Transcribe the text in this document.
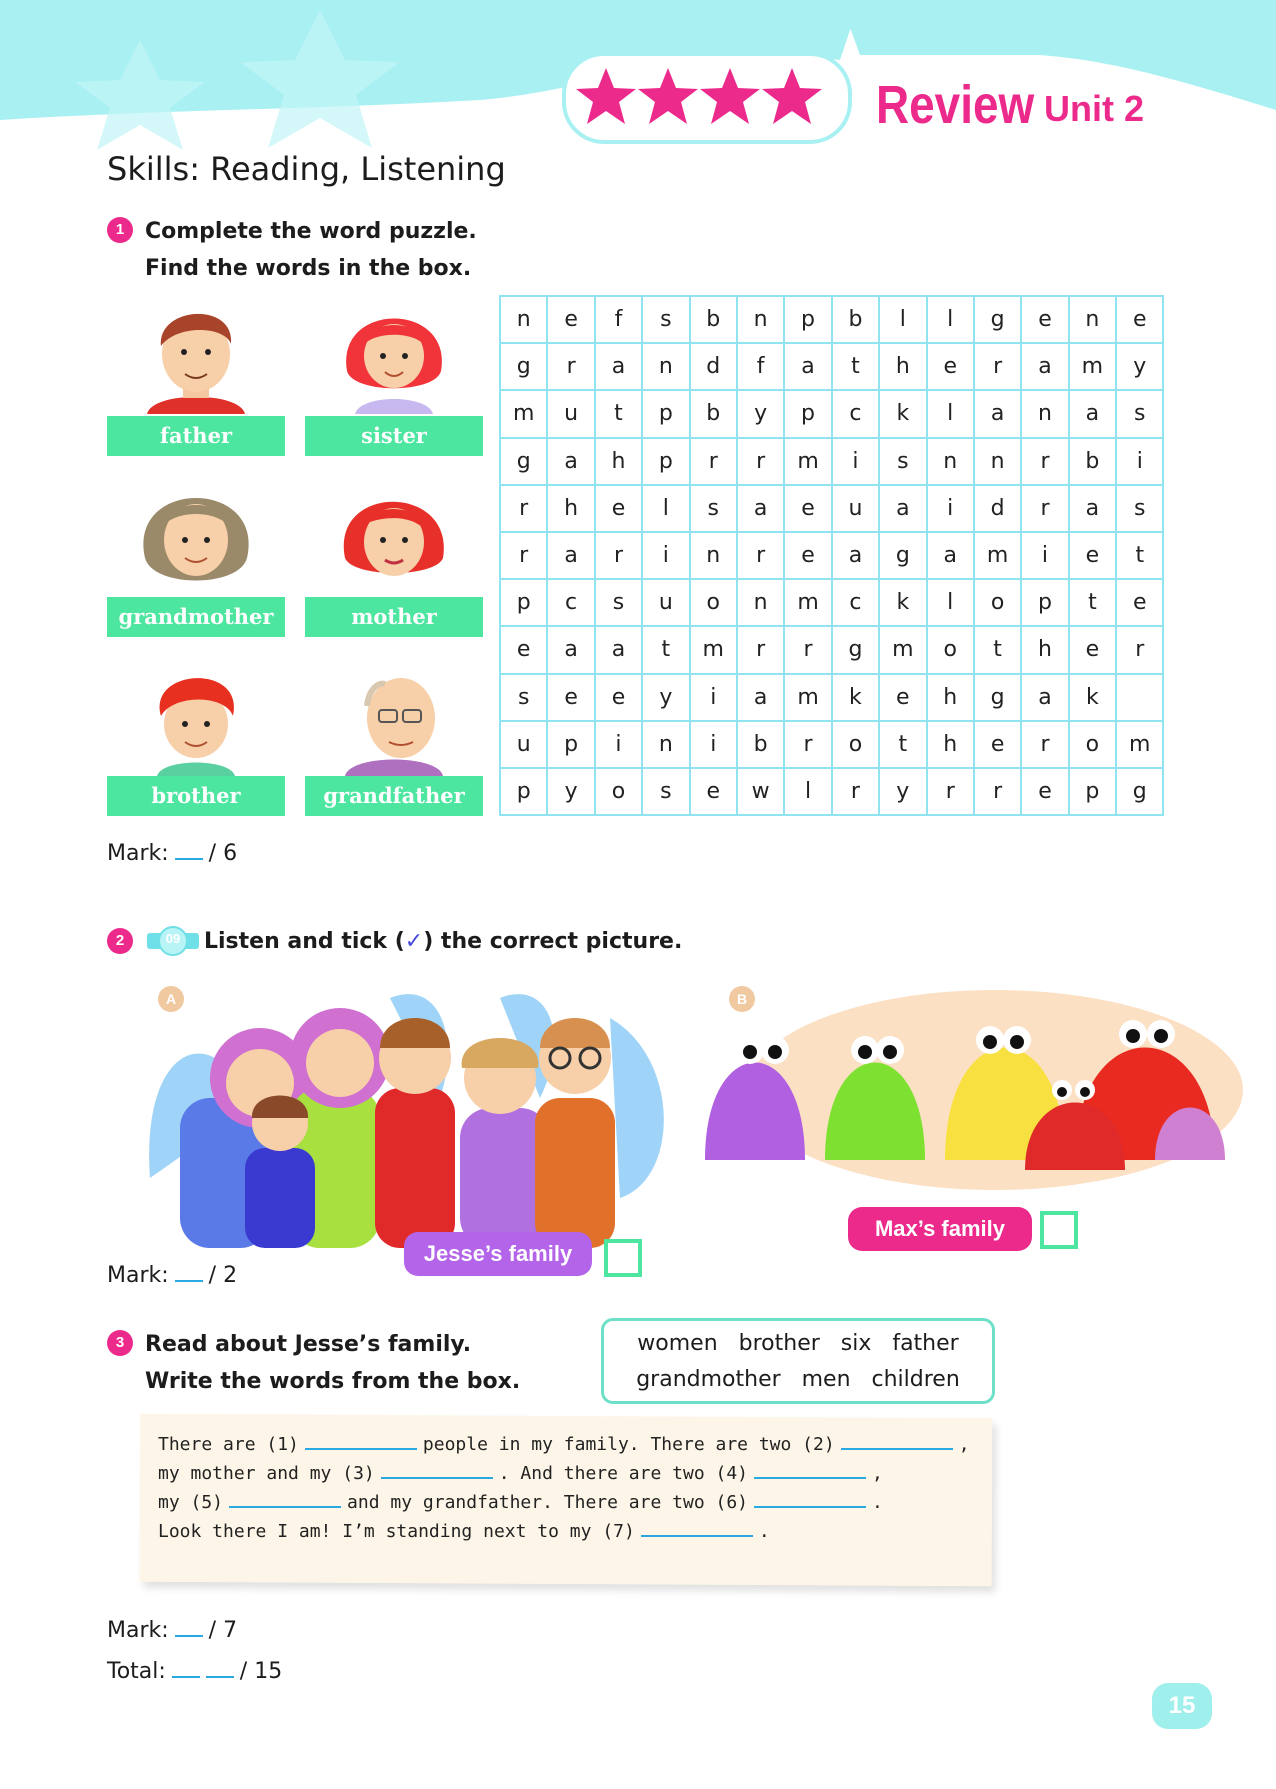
Review Unit 2
Skills: Reading, Listening
1 Complete the word puzzle.
Find the words in the box.
father	sister
grandmother	mother
brother	grandfather
n	e	f	s	b	n	p	b	l	l	g	e	n	e
g	r	a	n	d	f	a	t	h	e	r	a	m	y
m	u	t	p	b	y	p	c	k	l	a	n	a	s
g	a	h	p	r	r	m	i	s	n	n	r	b	i
r	h	e	l	s	a	e	u	a	i	d	r	a	s
r	a	r	i	n	r	e	a	g	a	m	i	e	t
p	c	s	u	o	n	m	c	k	l	o	p	t	e
e	a	a	t	m	r	r	g	m	o	t	h	e	r
s	e	e	y	i	a	m	k	e	h	g	a	k	
u	p	i	n	i	b	r	o	t	h	e	r	o	m
p	y	o	s	e	w	l	r	y	r	r	e	p	g
Mark: / 6
2	09	Listen and tick (✓) the correct picture.
A
Jesse’s family
B
Max’s family
Mark: / 2
3 Read about Jesse’s family.
Write the words from the box.
women   brother   six   father
grandmother   men   children
There are (1)	people in my family. There are two (2)	,
my mother and my (3)	. And there are two (4)	,
my (5)	and my grandfather. There are two (6)	.
Look there I am! I’m standing next to my (7)	.
Mark: / 7
Total:	/ 15
15
